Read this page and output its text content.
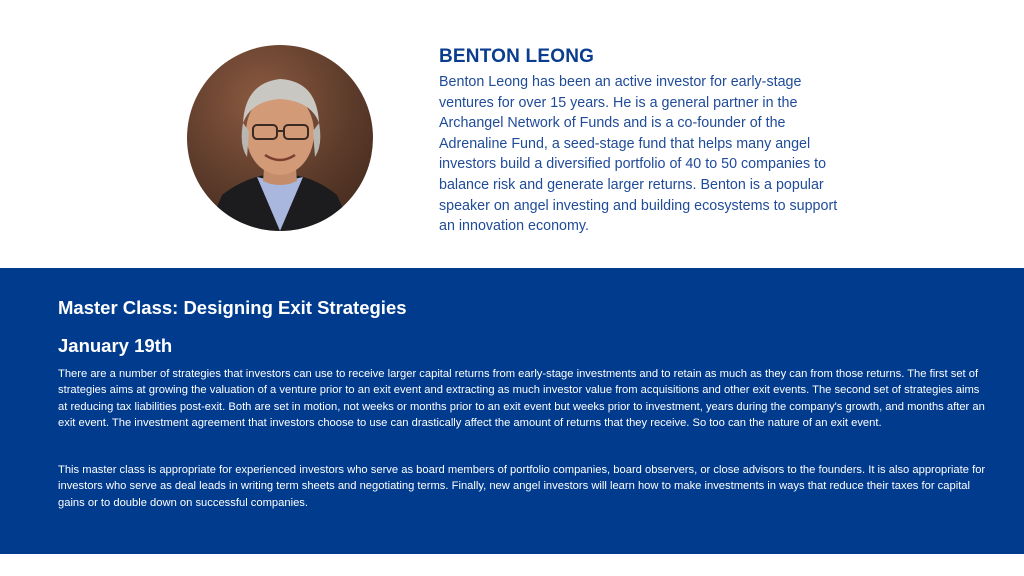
BENTON LEONG
Benton Leong has been an active investor for early-stage ventures for over 15 years. He is a general partner in the Archangel Network of Funds and is a co-founder of the Adrenaline Fund, a seed-stage fund that helps many angel investors build a diversified portfolio of 40 to 50 companies to balance risk and generate larger returns. Benton is a popular speaker on angel investing and building ecosystems to support an innovation economy.
Master Class: Designing Exit Strategies
January 19th
There are a number of strategies that investors can use to receive larger capital returns from early-stage investments and to retain as much as they can from those returns. The first set of strategies aims at growing the valuation of a venture prior to an exit event and extracting as much investor value from acquisitions and other exit events. The second set of strategies aims at reducing tax liabilities post-exit. Both are set in motion, not weeks or months prior to an exit event but weeks prior to investment, years during the company's growth, and months after an exit event. The investment agreement that investors choose to use can drastically affect the amount of returns that they receive. So too can the nature of an exit event.
This master class is appropriate for experienced investors who serve as board members of portfolio companies, board observers, or close advisors to the founders. It is also appropriate for investors who serve as deal leads in writing term sheets and negotiating terms. Finally, new angel investors will learn how to make investments in ways that reduce their taxes for capital gains or to double down on successful companies.
